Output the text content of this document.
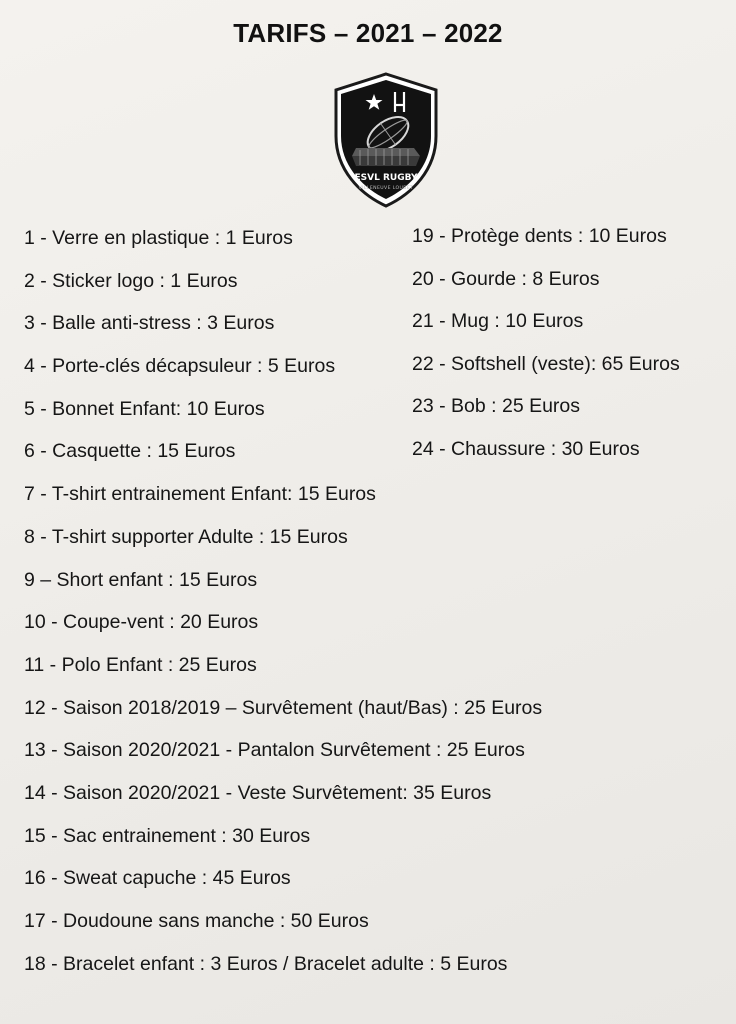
TARIFS – 2021 – 2022
ESVL RUGBY
VILLENEUVE LOUBET
1 - Verre en plastique : 1 Euros
2 - Sticker logo : 1 Euros
3 - Balle anti-stress : 3 Euros
4 - Porte-clés décapsuleur : 5 Euros
5 - Bonnet Enfant: 10 Euros
6 - Casquette : 15 Euros
7 - T-shirt entrainement Enfant: 15 Euros
8 - T-shirt supporter Adulte : 15 Euros
9 – Short enfant : 15 Euros
10 - Coupe-vent : 20 Euros
11 - Polo Enfant : 25 Euros
12 - Saison 2018/2019 – Survêtement (haut/Bas) : 25 Euros
13 - Saison 2020/2021 - Pantalon Survêtement : 25 Euros
14 - Saison 2020/2021 - Veste Survêtement: 35 Euros
15 - Sac entrainement : 30 Euros
16 - Sweat capuche : 45 Euros
17 - Doudoune sans manche : 50 Euros
18 - Bracelet enfant : 3 Euros / Bracelet adulte : 5 Euros
19 - Protège dents : 10 Euros
20 - Gourde : 8 Euros
21 - Mug : 10 Euros
22 - Softshell (veste): 65 Euros
23 - Bob : 25 Euros
24 - Chaussure : 30 Euros
